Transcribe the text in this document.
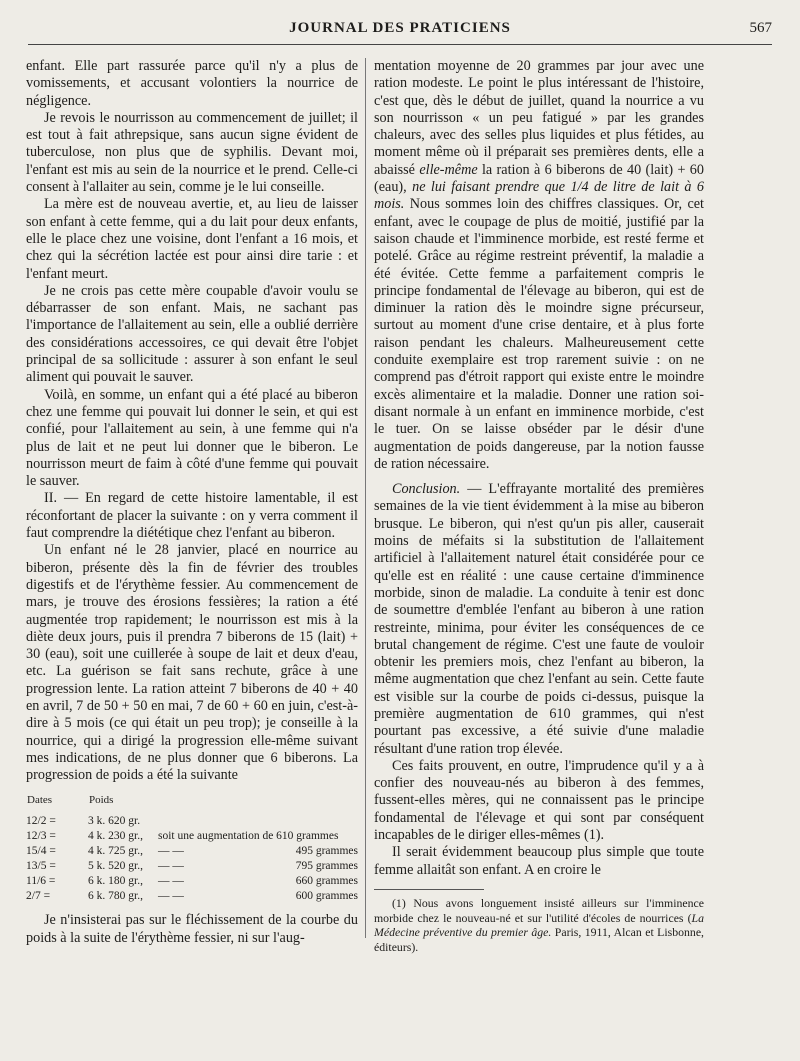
JOURNAL DES PRATICIENS	567

enfant. Elle part rassurée parce qu'il n'y a plus de vomissements, et accusant volontiers la nourrice de négligence.

Je revois le nourrisson au commencement de juillet; il est tout à fait athrepsique, sans aucun signe évident de tuberculose, non plus que de syphilis. Devant moi, l'enfant est mis au sein de la nourrice et le prend. Celle-ci consent à l'allaiter au sein, comme je le lui conseille.

La mère est de nouveau avertie, et, au lieu de laisser son enfant à cette femme, qui a du lait pour deux enfants, elle le place chez une voisine, dont l'enfant a 16 mois, et chez qui la sécrétion lactée est pour ainsi dire tarie : et l'enfant meurt.

Je ne crois pas cette mère coupable d'avoir voulu se débarrasser de son enfant. Mais, ne sachant pas l'importance de l'allaitement au sein, elle a oublié derrière des considérations accessoires, ce qui devait être l'objet principal de sa sollicitude : assurer à son enfant le seul aliment qui pouvait le sauver.

Voilà, en somme, un enfant qui a été placé au biberon chez une femme qui pouvait lui donner le sein, et qui est confié, pour l'allaitement au sein, à une femme qui n'a plus de lait et ne peut lui donner que le biberon. Le nourrisson meurt de faim à côté d'une femme qui pouvait le sauver.

II. — En regard de cette histoire lamentable, il est réconfortant de placer la suivante : on y verra comment il faut comprendre la diététique chez l'enfant au biberon.

Un enfant né le 28 janvier, placé en nourrice au biberon, présente dès la fin de février des troubles digestifs et de l'érythème fessier. Au commencement de mars, je trouve des érosions fessières; la ration a été augmentée trop rapidement; le nourrisson est mis à la diète deux jours, puis il prendra 7 biberons de 15 (lait) + 30 (eau), soit une cuillerée à soupe de lait et deux d'eau, etc. La guérison se fait sans rechute, grâce à une progression lente. La ration atteint 7 biberons de 40 + 40 en avril, 7 de 50 + 50 en mai, 7 de 60 + 60 en juin, c'est-à-dire à 5 mois (ce qui était un peu trop); je conseille à la nourrice, qui a dirigé la progression elle-même suivant mes indications, de ne plus donner que 6 biberons. La progression de poids a été la suivante

Dates	Poids		
12/2 =	3 k. 620 gr.		
12/3 =	4 k. 230 gr.,	soit une augmentation de 610 grammes	
15/4 =	4 k. 725 gr.,	— —	495 grammes
13/5 =	5 k. 520 gr.,	— —	795 grammes
11/6 =	6 k. 180 gr.,	— —	660 grammes
2/7 =	6 k. 780 gr.,	— —	600 grammes

Je n'insisterai pas sur le fléchissement de la courbe du poids à la suite de l'érythème fessier, ni sur l'aug-

mentation moyenne de 20 grammes par jour avec une ration modeste. Le point le plus intéressant de l'histoire, c'est que, dès le début de juillet, quand la nourrice a vu son nourrisson « un peu fatigué » par les grandes chaleurs, avec des selles plus liquides et plus fétides, au moment même où il préparait ses premières dents, elle a abaissé elle-même la ration à 6 biberons de 40 (lait) + 60 (eau), ne lui faisant prendre que 1/4 de litre de lait à 6 mois. Nous sommes loin des chiffres classiques. Or, cet enfant, avec le coupage de plus de moitié, justifié par la saison chaude et l'imminence morbide, est resté ferme et potelé. Grâce au régime restreint préventif, la maladie a été évitée. Cette femme a parfaitement compris le principe fondamental de l'élevage au biberon, qui est de diminuer la ration dès le moindre signe précurseur, surtout au moment d'une crise dentaire, et à plus forte raison pendant les chaleurs. Malheureusement cette conduite exemplaire est trop rarement suivie : on ne comprend pas d'étroit rapport qui existe entre le moindre excès alimentaire et la maladie. Donner une ration soi-disant normale à un enfant en imminence morbide, c'est le tuer. On se laisse obséder par le désir d'une augmentation de poids dangereuse, par la notion fausse de ration nécessaire.

Conclusion. — L'effrayante mortalité des premières semaines de la vie tient évidemment à la mise au biberon brusque. Le biberon, qui n'est qu'un pis aller, causerait moins de méfaits si la substitution de l'allaitement artificiel à l'allaitement naturel était considérée pour ce qu'elle est en réalité : une cause certaine d'imminence morbide, sinon de maladie. La conduite à tenir est donc de soumettre d'emblée l'enfant au biberon à une ration restreinte, minima, pour éviter les conséquences de ce brutal changement de régime. C'est une faute de vouloir obtenir les premiers mois, chez l'enfant au biberon, la même augmentation que chez l'enfant au sein. Cette faute est visible sur la courbe de poids ci-dessus, puisque la première augmentation de 610 grammes, qui n'est pourtant pas excessive, a été suivie d'une maladie résultant d'une ration trop élevée.

Ces faits prouvent, en outre, l'imprudence qu'il y a à confier des nouveau-nés au biberon à des femmes, fussent-elles mères, qui ne connaissent pas le principe fondamental de l'élevage et qui sont par conséquent incapables de le diriger elles-mêmes (1).

Il serait évidemment beaucoup plus simple que toute femme allaitât son enfant. A en croire le

(1) Nous avons longuement insisté ailleurs sur l'imminence morbide chez le nouveau-né et sur l'utilité d'écoles de nourrices (La Médecine préventive du premier âge. Paris, 1911, Alcan et Lisbonne, éditeurs).
